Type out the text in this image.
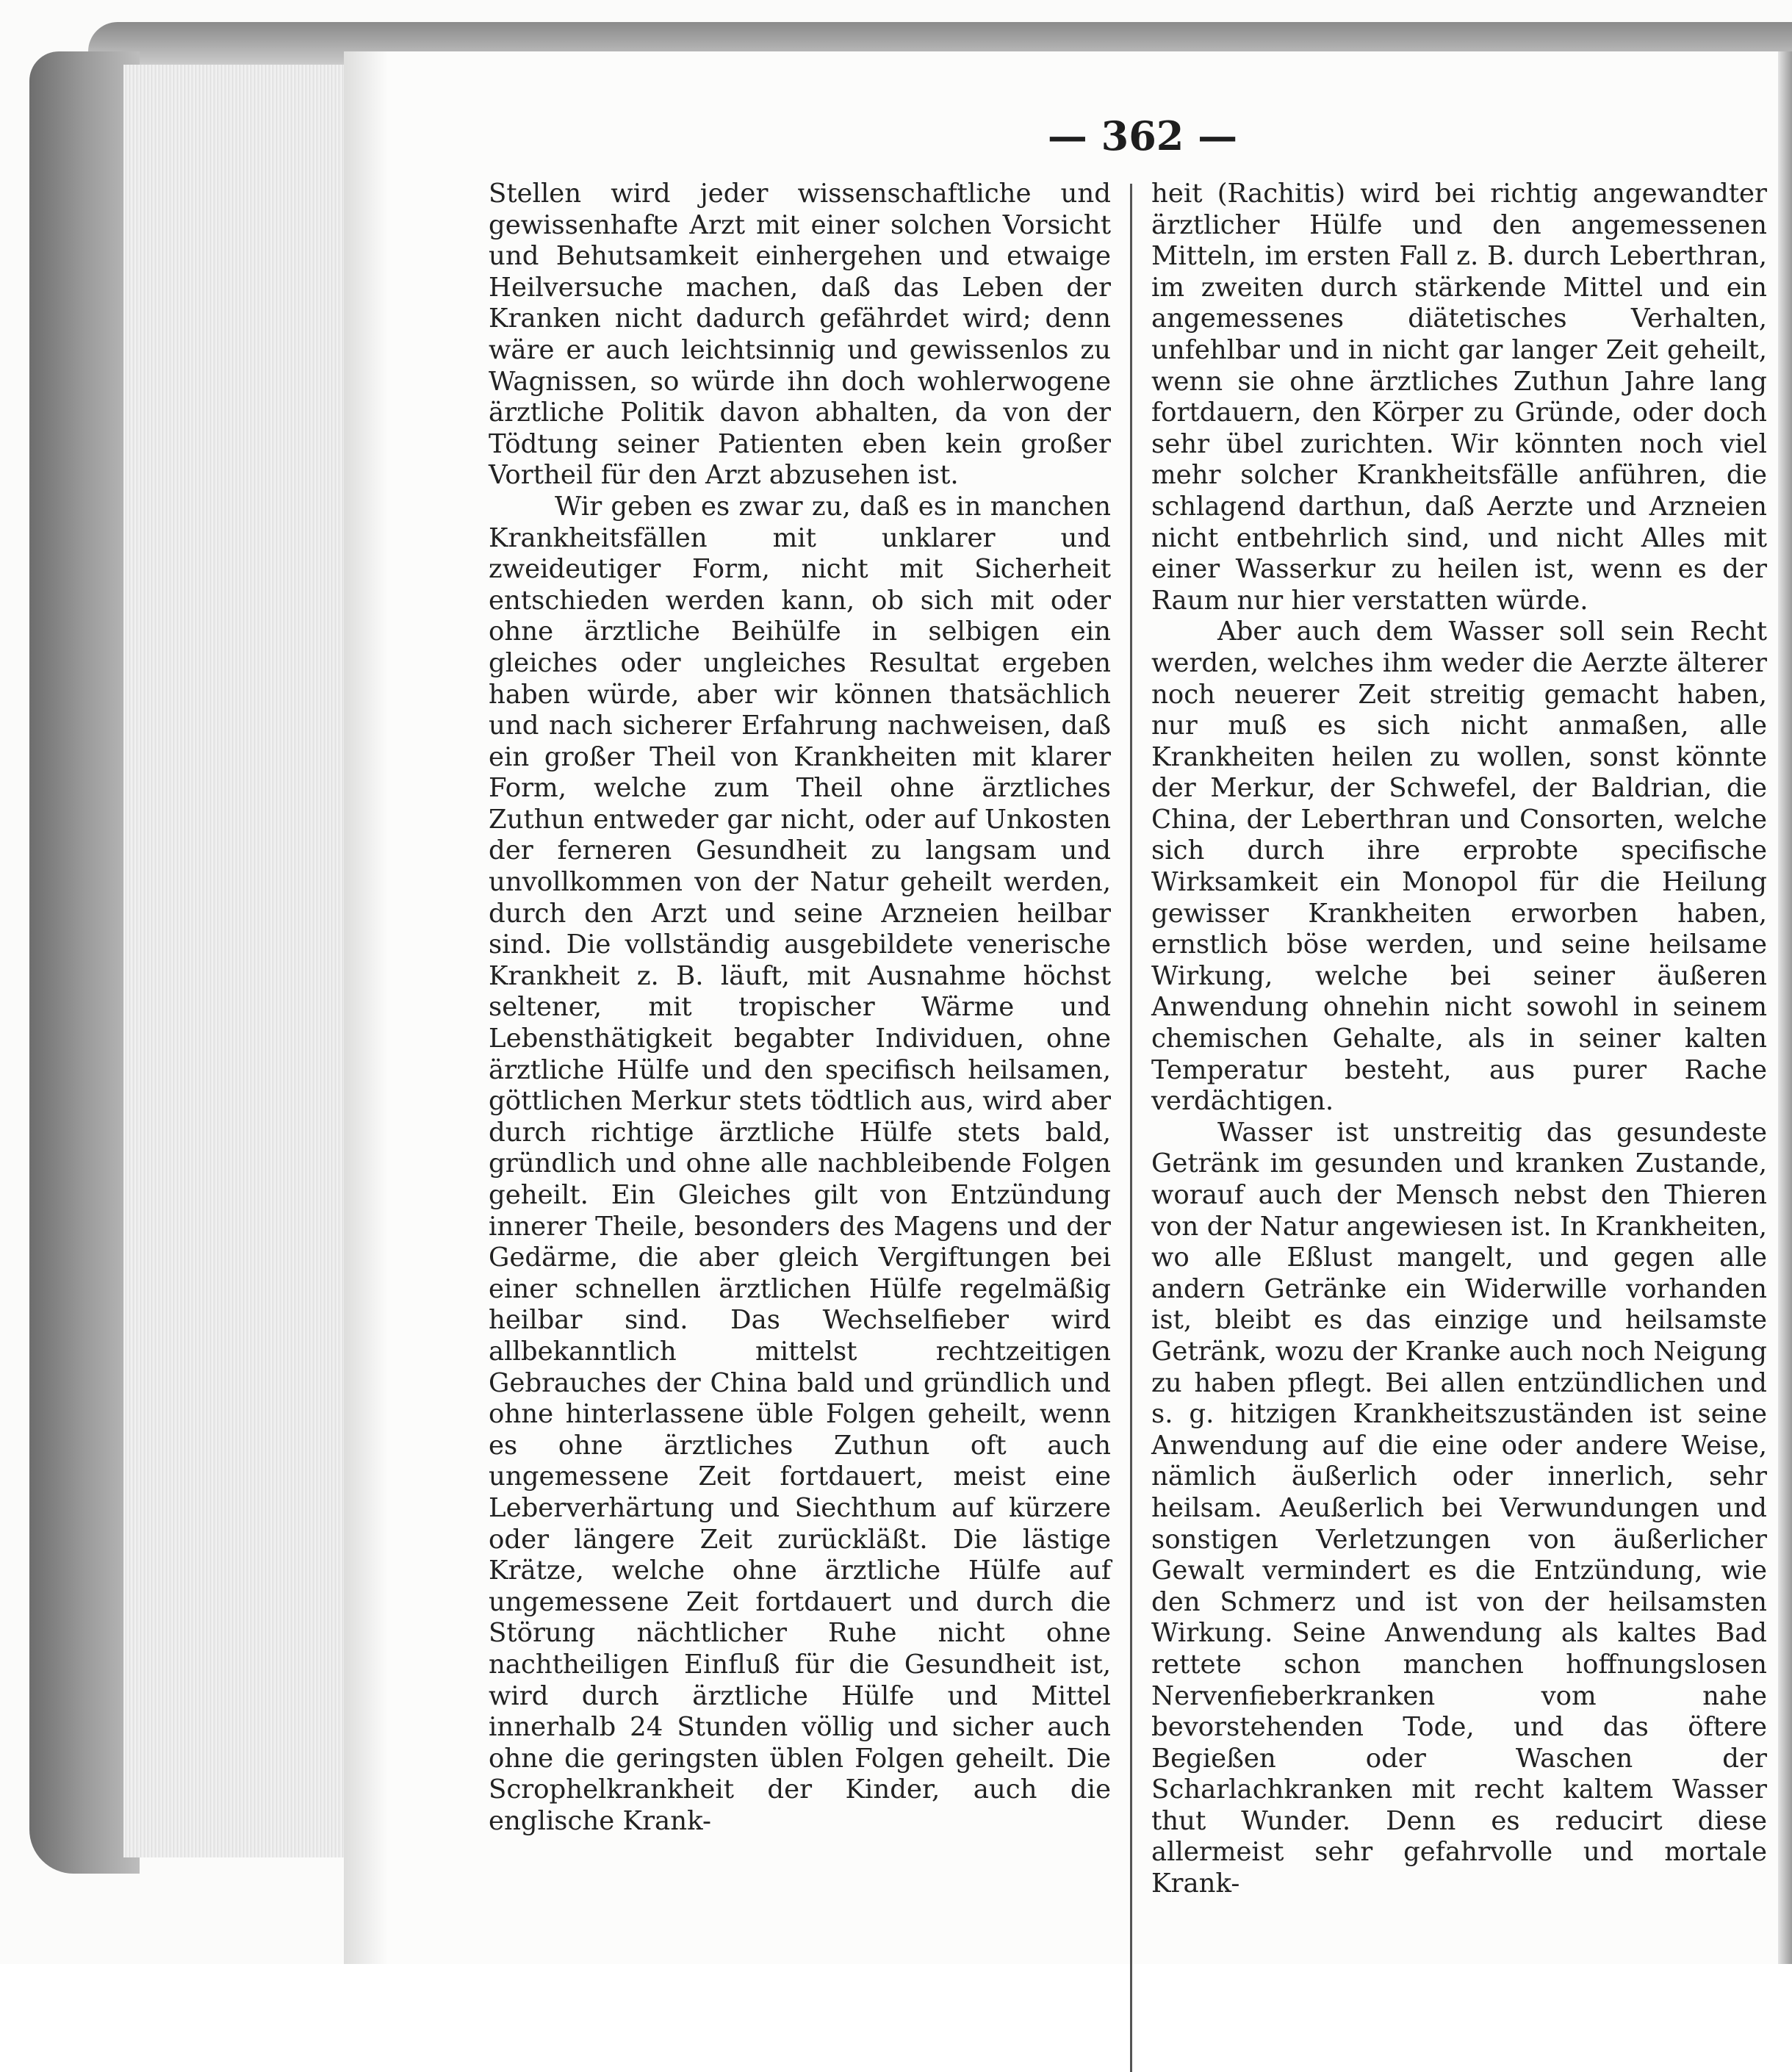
— 362 —

Stellen wird jeder wissenschaftliche und gewissenhafte Arzt mit einer solchen Vorsicht und Behutsamkeit einhergehen und etwaige Heilversuche machen, daß das Leben der Kranken nicht dadurch gefährdet wird; denn wäre er auch leichtsinnig und gewissenlos zu Wagnissen, so würde ihn doch wohlerwogene ärztliche Politik davon abhalten, da von der Tödtung seiner Patienten eben kein großer Vortheil für den Arzt abzusehen ist.

Wir geben es zwar zu, daß es in manchen Krankheitsfällen mit unklarer und zweideutiger Form, nicht mit Sicherheit entschieden werden kann, ob sich mit oder ohne ärztliche Beihülfe in selbigen ein gleiches oder ungleiches Resultat ergeben haben würde, aber wir können thatsächlich und nach sicherer Erfahrung nachweisen, daß ein großer Theil von Krankheiten mit klarer Form, welche zum Theil ohne ärztliches Zuthun entweder gar nicht, oder auf Unkosten der ferneren Gesundheit zu langsam und unvollkommen von der Natur geheilt werden, durch den Arzt und seine Arzneien heilbar sind. Die vollständig ausgebildete venerische Krankheit z. B. läuft, mit Ausnahme höchst seltener, mit tropischer Wärme und Lebensthätigkeit begabter Individuen, ohne ärztliche Hülfe und den specifisch heilsamen, göttlichen Merkur stets tödtlich aus, wird aber durch richtige ärztliche Hülfe stets bald, gründlich und ohne alle nachbleibende Folgen geheilt. Ein Gleiches gilt von Entzündung innerer Theile, besonders des Magens und der Gedärme, die aber gleich Vergiftungen bei einer schnellen ärztlichen Hülfe regelmäßig heilbar sind. Das Wechselfieber wird allbekanntlich mittelst rechtzeitigen Gebrauches der China bald und gründlich und ohne hinterlassene üble Folgen geheilt, wenn es ohne ärztliches Zuthun oft auch ungemessene Zeit fortdauert, meist eine Leberverhärtung und Siechthum auf kürzere oder längere Zeit zurückläßt. Die lästige Krätze, welche ohne ärztliche Hülfe auf ungemessene Zeit fortdauert und durch die Störung nächtlicher Ruhe nicht ohne nachtheiligen Einfluß für die Gesundheit ist, wird durch ärztliche Hülfe und Mittel innerhalb 24 Stunden völlig und sicher auch ohne die geringsten üblen Folgen geheilt. Die Scrophelkrankheit der Kinder, auch die englische Krank-

heit (Rachitis) wird bei richtig angewandter ärztlicher Hülfe und den angemessenen Mitteln, im ersten Fall z. B. durch Leberthran, im zweiten durch stärkende Mittel und ein angemessenes diätetisches Verhalten, unfehlbar und in nicht gar langer Zeit geheilt, wenn sie ohne ärztliches Zuthun Jahre lang fortdauern, den Körper zu Gründe, oder doch sehr übel zurichten. Wir könnten noch viel mehr solcher Krankheitsfälle anführen, die schlagend darthun, daß Aerzte und Arzneien nicht entbehrlich sind, und nicht Alles mit einer Wasserkur zu heilen ist, wenn es der Raum nur hier verstatten würde.

Aber auch dem Wasser soll sein Recht werden, welches ihm weder die Aerzte älterer noch neuerer Zeit streitig gemacht haben, nur muß es sich nicht anmaßen, alle Krankheiten heilen zu wollen, sonst könnte der Merkur, der Schwefel, der Baldrian, die China, der Leberthran und Consorten, welche sich durch ihre erprobte specifische Wirksamkeit ein Monopol für die Heilung gewisser Krankheiten erworben haben, ernstlich böse werden, und seine heilsame Wirkung, welche bei seiner äußeren Anwendung ohnehin nicht sowohl in seinem chemischen Gehalte, als in seiner kalten Temperatur besteht, aus purer Rache verdächtigen.

Wasser ist unstreitig das gesundeste Getränk im gesunden und kranken Zustande, worauf auch der Mensch nebst den Thieren von der Natur angewiesen ist. In Krankheiten, wo alle Eßlust mangelt, und gegen alle andern Getränke ein Widerwille vorhanden ist, bleibt es das einzige und heilsamste Getränk, wozu der Kranke auch noch Neigung zu haben pflegt. Bei allen entzündlichen und s. g. hitzigen Krankheitszuständen ist seine Anwendung auf die eine oder andere Weise, nämlich äußerlich oder innerlich, sehr heilsam. Aeußerlich bei Verwundungen und sonstigen Verletzungen von äußerlicher Gewalt vermindert es die Entzündung, wie den Schmerz und ist von der heilsamsten Wirkung. Seine Anwendung als kaltes Bad rettete schon manchen hoffnungslosen Nervenfieberkranken vom nahe bevorstehenden Tode, und das öftere Begießen oder Waschen der Scharlachkranken mit recht kaltem Wasser thut Wunder. Denn es reducirt diese allermeist sehr gefahrvolle und mortale Krank-
